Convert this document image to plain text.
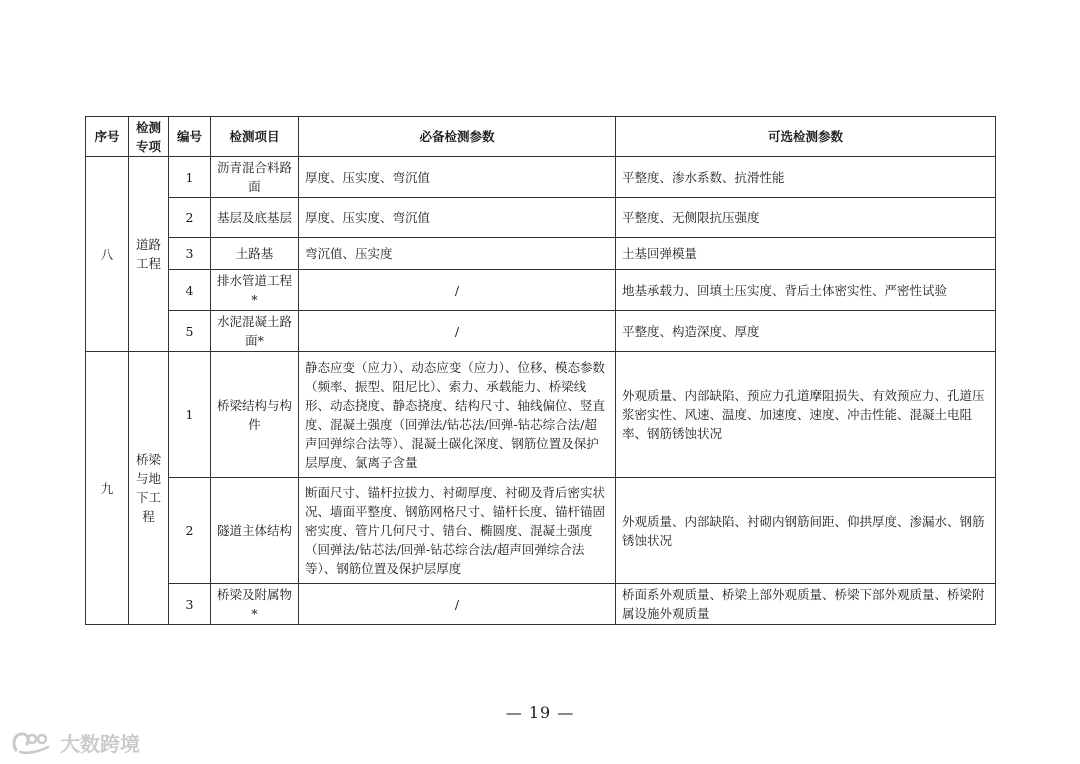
序号	检测专项	编号	检测项目	必备检测参数	可选检测参数
八	道路工程	1	沥青混合料路面	厚度、压实度、弯沉值	平整度、渗水系数、抗滑性能
		2	基层及底基层	厚度、压实度、弯沉值	平整度、无侧限抗压强度
		3	土路基	弯沉值、压实度	土基回弹模量
		4	排水管道工程*	/	地基承载力、回填土压实度、背后土体密实性、严密性试验
		5	水泥混凝土路面*	/	平整度、构造深度、厚度
九	桥梁与地下工程	1	桥梁结构与构件	静态应变（应力）、动态应变（应力）、位移、模态参数（频率、振型、阻尼比）、索力、承载能力、桥梁线形、动态挠度、静态挠度、结构尺寸、轴线偏位、竖直度、混凝土强度（回弹法/钻芯法/回弹-钻芯综合法/超声回弹综合法等）、混凝土碳化深度、钢筋位置及保护层厚度、氯离子含量	外观质量、内部缺陷、预应力孔道摩阻损失、有效预应力、孔道压浆密实性、风速、温度、加速度、速度、冲击性能、混凝土电阻率、钢筋锈蚀状况
		2	隧道主体结构	断面尺寸、锚杆拉拔力、衬砌厚度、衬砌及背后密实状况、墙面平整度、钢筋网格尺寸、锚杆长度、锚杆锚固密实度、管片几何尺寸、错台、椭圆度、混凝土强度（回弹法/钻芯法/回弹-钻芯综合法/超声回弹综合法等）、钢筋位置及保护层厚度	外观质量、内部缺陷、衬砌内钢筋间距、仰拱厚度、渗漏水、钢筋锈蚀状况
		3	桥梁及附属物*	/	桥面系外观质量、桥梁上部外观质量、桥梁下部外观质量、桥梁附属设施外观质量
— 19 —
大数跨境
